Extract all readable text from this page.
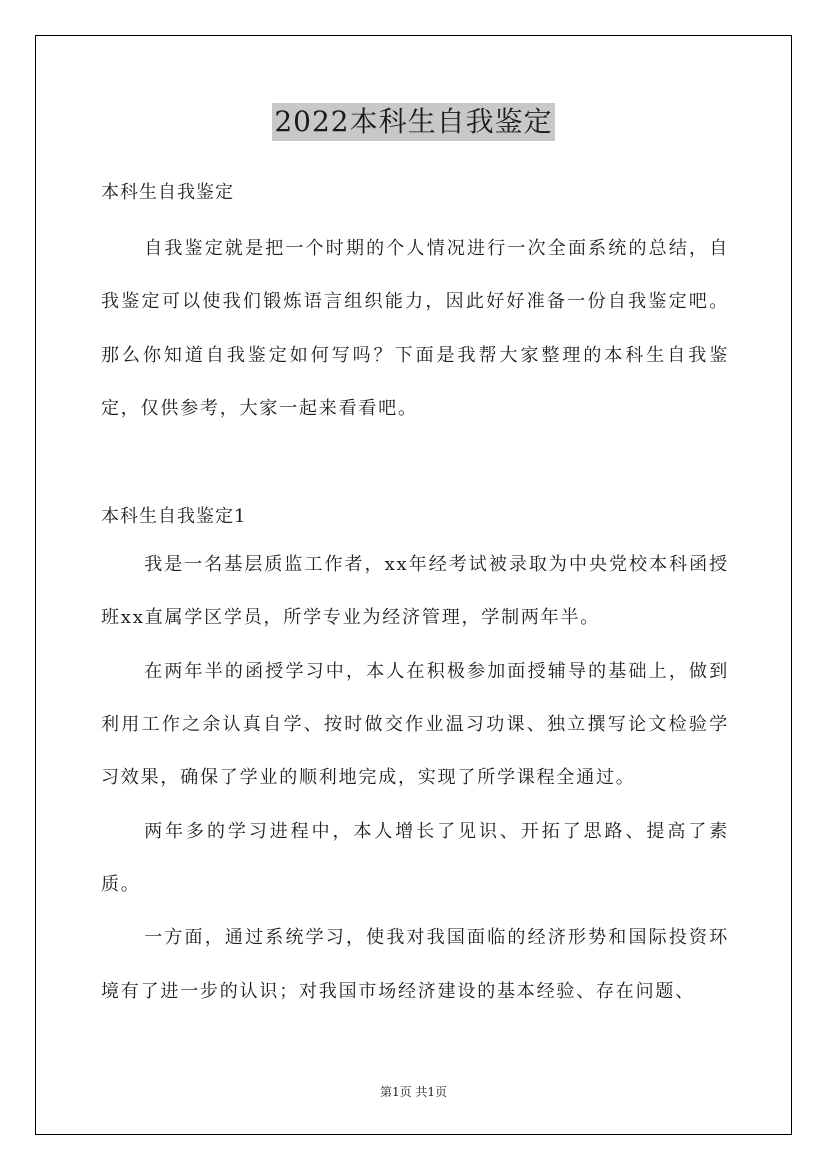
2022本科生自我鉴定

本科生自我鉴定

自我鉴定就是把一个时期的个人情况进行一次全面系统的总结，自我鉴定可以使我们锻炼语言组织能力，因此好好准备一份自我鉴定吧。那么你知道自我鉴定如何写吗？下面是我帮大家整理的本科生自我鉴定，仅供参考，大家一起来看看吧。

本科生自我鉴定1

我是一名基层质监工作者，xx年经考试被录取为中央党校本科函授班xx直属学区学员，所学专业为经济管理，学制两年半。

在两年半的函授学习中，本人在积极参加面授辅导的基础上，做到利用工作之余认真自学、按时做交作业温习功课、独立撰写论文检验学习效果，确保了学业的顺利地完成，实现了所学课程全通过。

两年多的学习进程中，本人增长了见识、开拓了思路、提高了素质。

一方面，通过系统学习，使我对我国面临的经济形势和国际投资环境有了进一步的认识；对我国市场经济建设的基本经验、存在问题、

第1页 共1页
